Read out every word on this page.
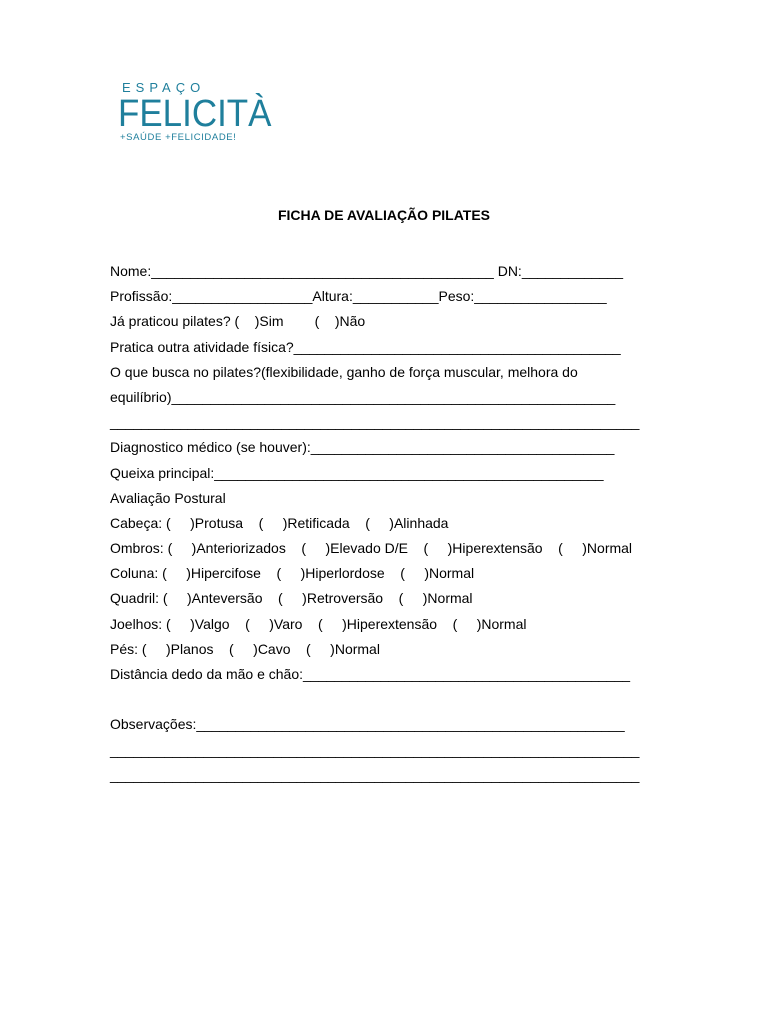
ESPAÇO
FELICITÀ
+SAÚDE +FELICIDADE!
FICHA DE AVALIAÇÃO PILATES
Nome:____________________________________________ DN:_____________
Profissão:__________________Altura:___________Peso:_________________
Já praticou pilates? (    )Sim        (    )Não
Pratica outra atividade física?__________________________________________
O que busca no pilates?(flexibilidade, ganho de força muscular, melhora do
equilíbrio)_________________________________________________________
____________________________________________________________________
Diagnostico médico (se houver):_______________________________________
Queixa principal:__________________________________________________
Avaliação Postural
Cabeça: (     )Protusa    (     )Retificada    (     )Alinhada
Ombros: (     )Anteriorizados    (     )Elevado D/E    (     )Hiperextensão    (     )Normal
Coluna: (     )Hipercifose    (     )Hiperlordose    (     )Normal
Quadril: (     )Anteversão    (     )Retroversão    (     )Normal
Joelhos: (     )Valgo    (     )Varo    (     )Hiperextensão    (     )Normal
Pés: (     )Planos    (     )Cavo    (     )Normal
Distância dedo da mão e chão:__________________________________________
Observações:_______________________________________________________
____________________________________________________________________
____________________________________________________________________
